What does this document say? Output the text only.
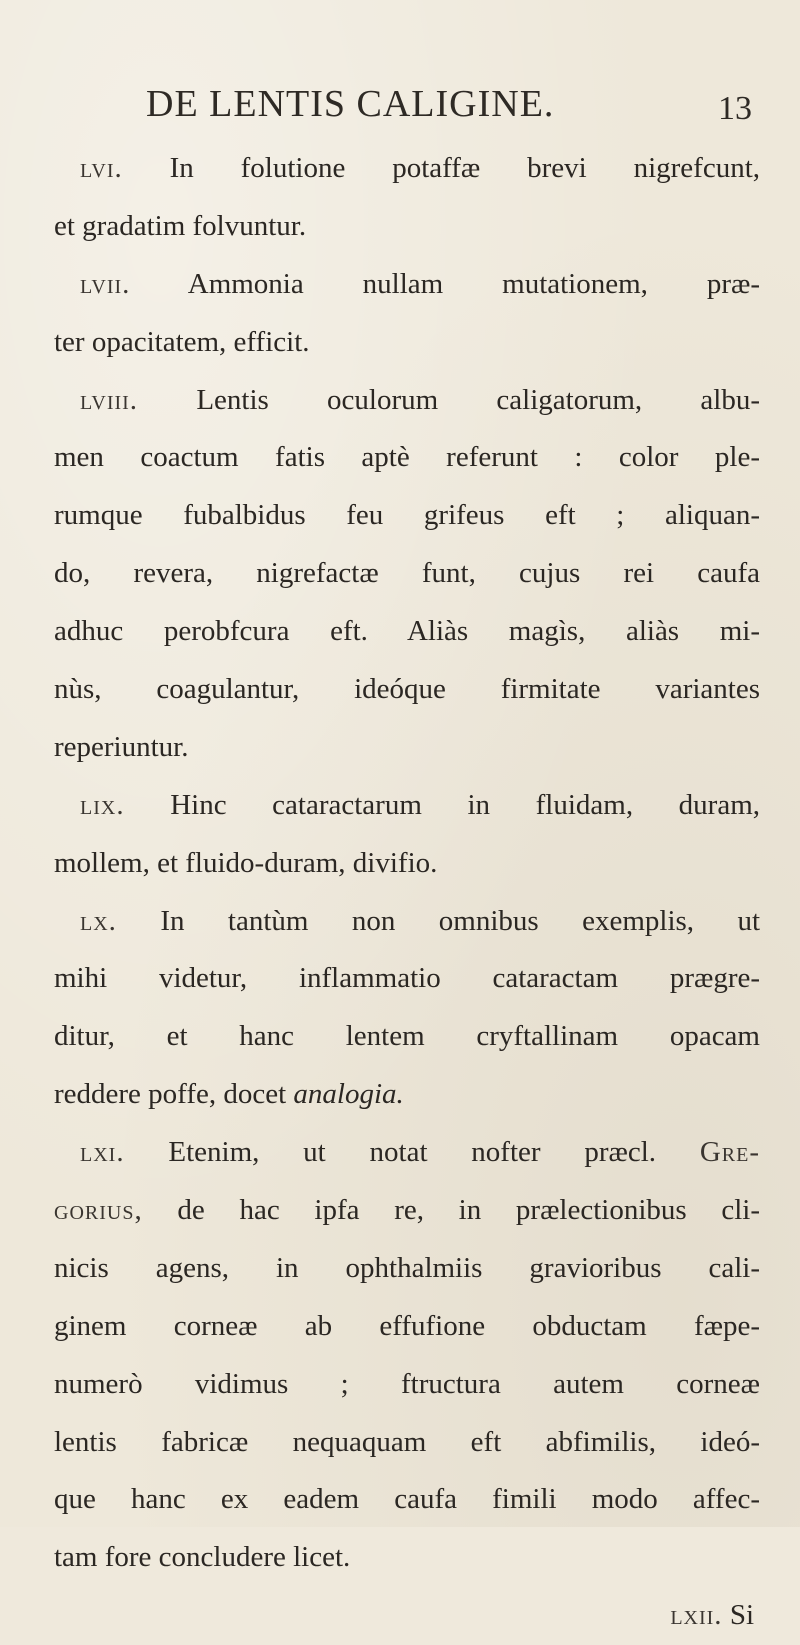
DE LENTIS CALIGINE.	13
lvi. In folutione potaffæ brevi nigrefcunt,
et gradatim folvuntur.
lvii. Ammonia nullam mutationem, præ-
ter opacitatem, efficit.
lviii. Lentis oculorum caligatorum, albu-
men coactum fatis aptè referunt : color ple-
rumque fubalbidus feu grifeus eft ; aliquan-
do, revera, nigrefactæ funt, cujus rei caufa
adhuc perobfcura eft. Aliàs magìs, aliàs mi-
nùs, coagulantur, ideóque firmitate variantes
reperiuntur.
lix. Hinc cataractarum in fluidam, duram,
mollem, et fluido-duram, divifio.
lx. In tantùm non omnibus exemplis, ut
mihi videtur, inflammatio cataractam prægre-
ditur, et hanc lentem cryftallinam opacam
reddere poffe, docet analogia.
lxi. Etenim, ut notat nofter præcl. Gre-
gorius, de hac ipfa re, in prælectionibus cli-
nicis agens, in ophthalmiis gravioribus cali-
ginem corneæ ab effufione obductam fæpe-
numerò vidimus ; ftructura autem corneæ
lentis fabricæ nequaquam eft abfimilis, ideó-
que hanc ex eadem caufa fimili modo affec-
tam fore concludere licet.
lxii. Si
